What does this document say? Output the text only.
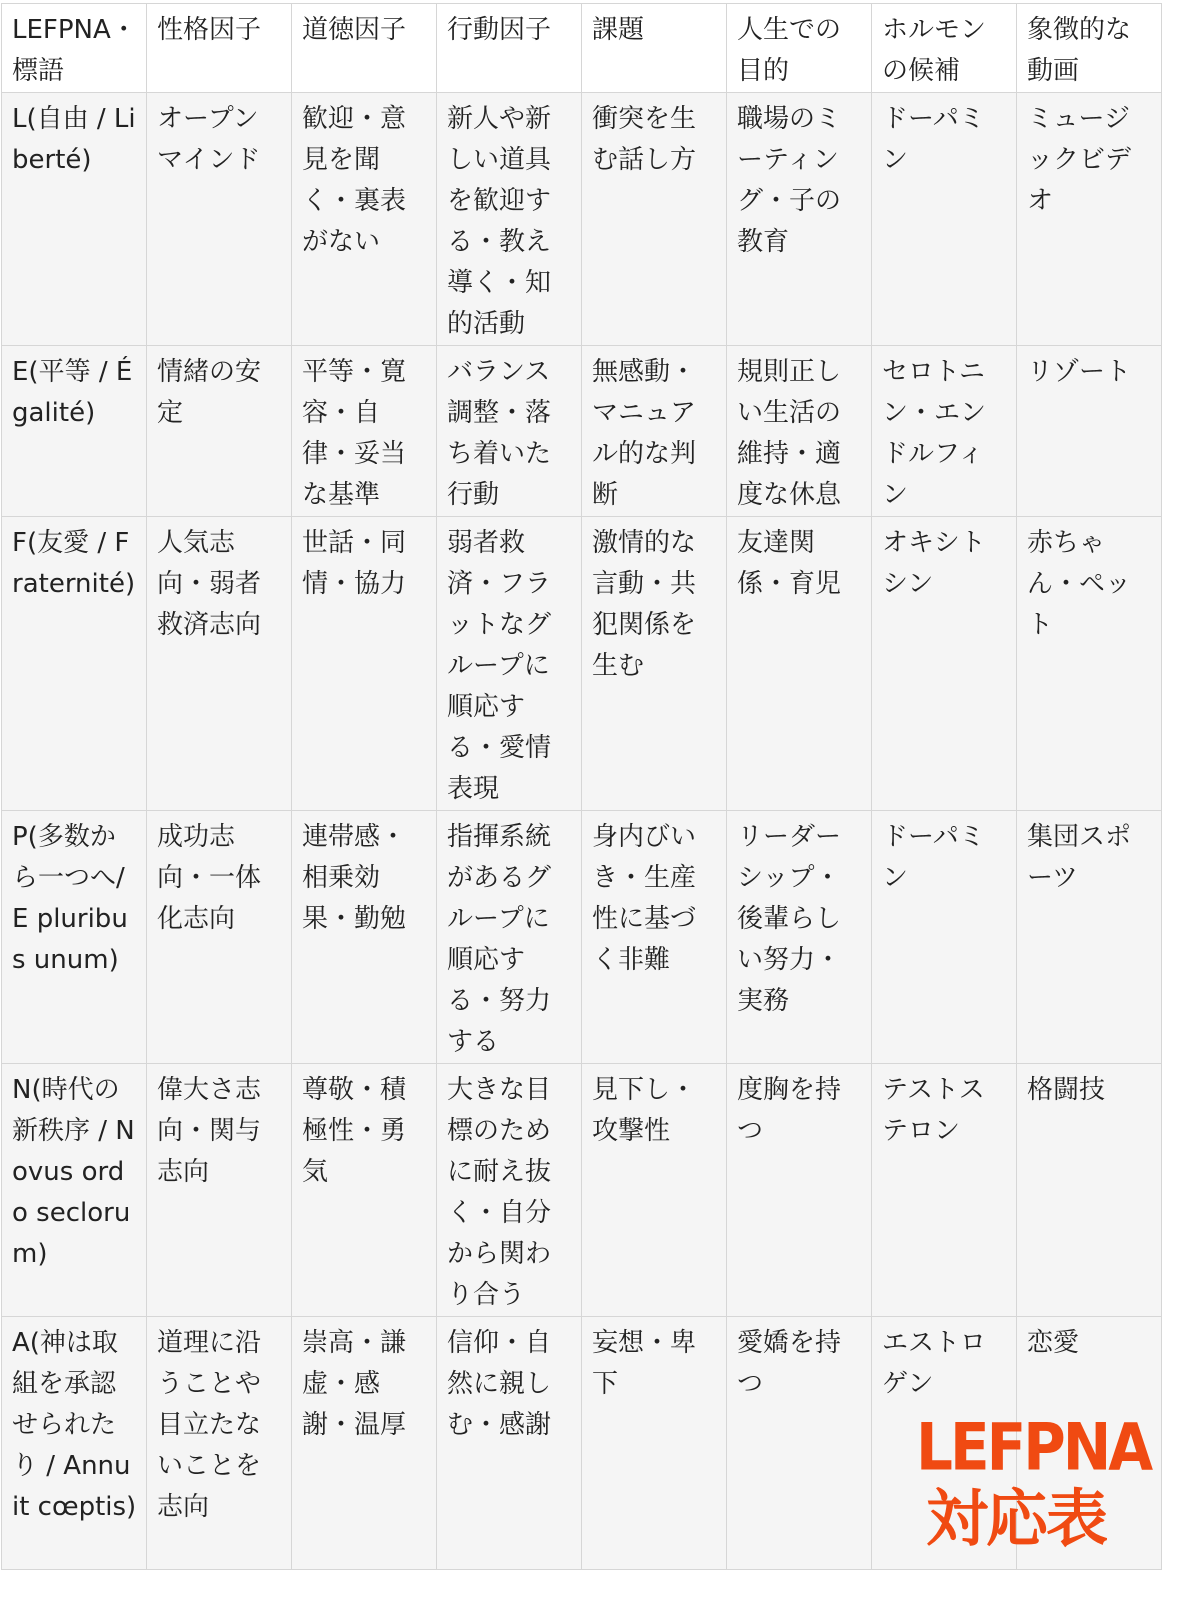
LEFPNA・標語	性格因子	道徳因子	行動因子	課題	人生での目的	ホルモンの候補	象徴的な動画
L(自由 / Liberté)	オープンマインド	歓迎・意見を聞く・裏表がない	新人や新しい道具を歓迎する・教え導く・知的活動	衝突を生む話し方	職場のミーティング・子の教育	ドーパミン	ミュージックビデオ
E(平等 / Égalité)	情緒の安定	平等・寛容・自律・妥当な基準	バランス調整・落ち着いた行動	無感動・マニュアル的な判断	規則正しい生活の維持・適度な休息	セロトニン・エンドルフィン	リゾート
F(友愛 / Fraternité)	人気志向・弱者救済志向	世話・同情・協力	弱者救済・フラットなグループに順応する・愛情表現	激情的な言動・共犯関係を生む	友達関係・育児	オキシトシン	赤ちゃん・ペット
P(多数から一つへ/ E pluribus unum)	成功志向・一体化志向	連帯感・相乗効果・勤勉	指揮系統があるグループに順応する・努力する	身内びいき・生産性に基づく非難	リーダーシップ・後輩らしい努力・実務	ドーパミン	集団スポーツ
N(時代の新秩序 / Novus ordo seclorum)	偉大さ志向・関与志向	尊敬・積極性・勇気	大きな目標のために耐え抜く・自分から関わり合う	見下し・攻撃性	度胸を持つ	テストステロン	格闘技
A(神は取組を承認せられたり / Annuit cœptis)	道理に沿うことや目立たないことを志向	崇高・謙虚・感謝・温厚	信仰・自然に親しむ・感謝	妄想・卑下	愛嬌を持つ	エストロゲン	恋愛
LEFPNA
対応表
